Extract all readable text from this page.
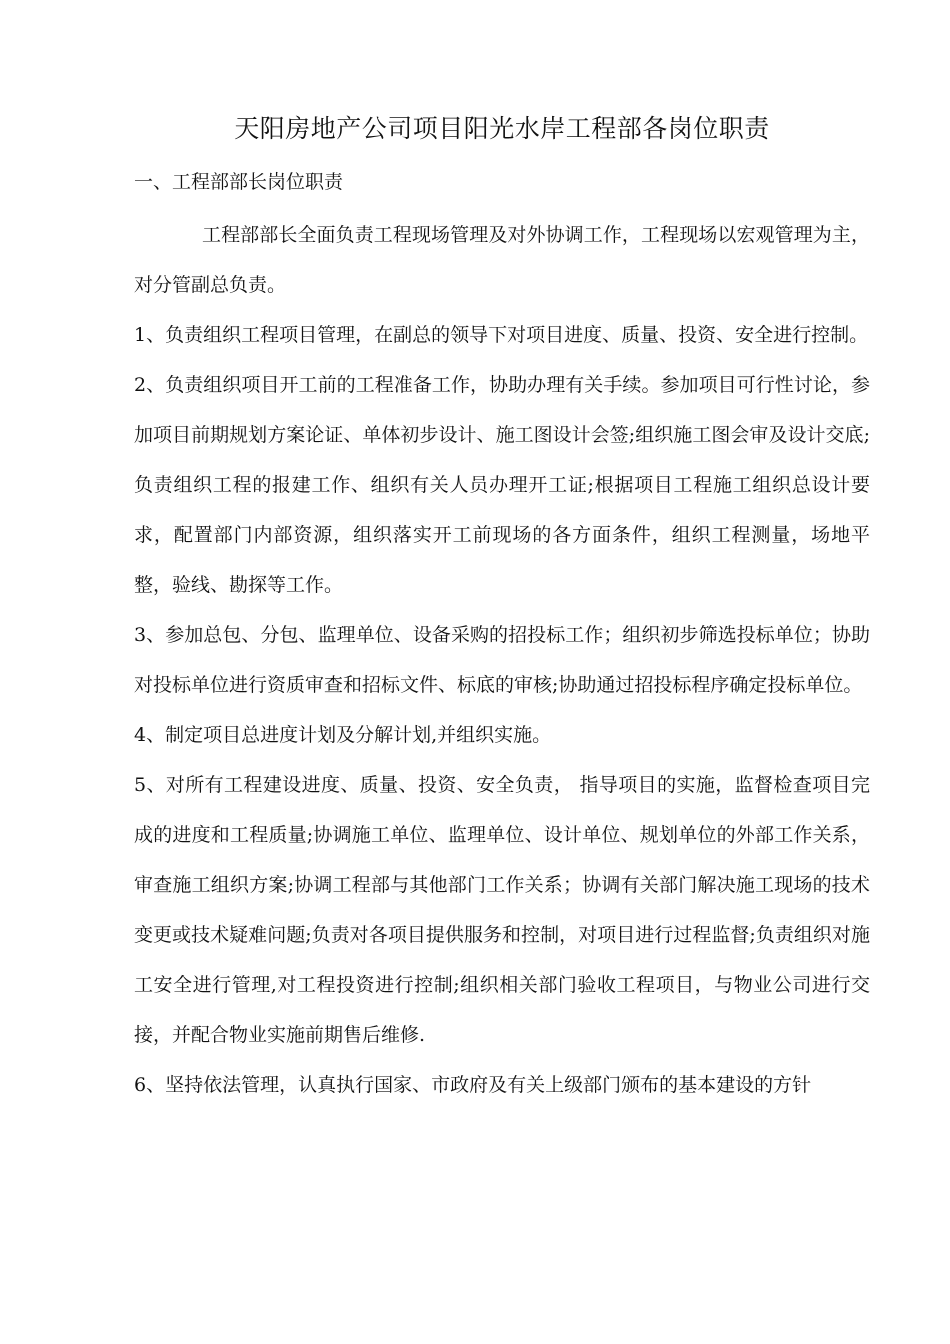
天阳房地产公司项目阳光水岸工程部各岗位职责
一、工程部部长岗位职责

工程部部长全面负责工程现场管理及对外协调工作，工程现场以宏观管理为主，对分管副总负责。

1、负责组织工程项目管理，在副总的领导下对项目进度、质量、投资、安全进行控制。

2、负责组织项目开工前的工程准备工作，协助办理有关手续。参加项目可行性讨论，参加项目前期规划方案论证、单体初步设计、施工图设计会签;组织施工图会审及设计交底;负责组织工程的报建工作、组织有关人员办理开工证;根据项目工程施工组织总设计要求，配置部门内部资源，组织落实开工前现场的各方面条件，组织工程测量，场地平整，验线、勘探等工作。

3、参加总包、分包、监理单位、设备采购的招投标工作；组织初步筛选投标单位；协助对投标单位进行资质审查和招标文件、标底的审核;协助通过招投标程序确定投标单位。

4、制定项目总进度计划及分解计划,并组织实施。

5、对所有工程建设进度、质量、投资、安全负责， 指导项目的实施，监督检查项目完成的进度和工程质量;协调施工单位、监理单位、设计单位、规划单位的外部工作关系，审查施工组织方案;协调工程部与其他部门工作关系；协调有关部门解决施工现场的技术变更或技术疑难问题;负责对各项目提供服务和控制，对项目进行过程监督;负责组织对施工安全进行管理,对工程投资进行控制;组织相关部门验收工程项目，与物业公司进行交接，并配合物业实施前期售后维修.

6、坚持依法管理，认真执行国家、市政府及有关上级部门颁布的基本建设的方针
